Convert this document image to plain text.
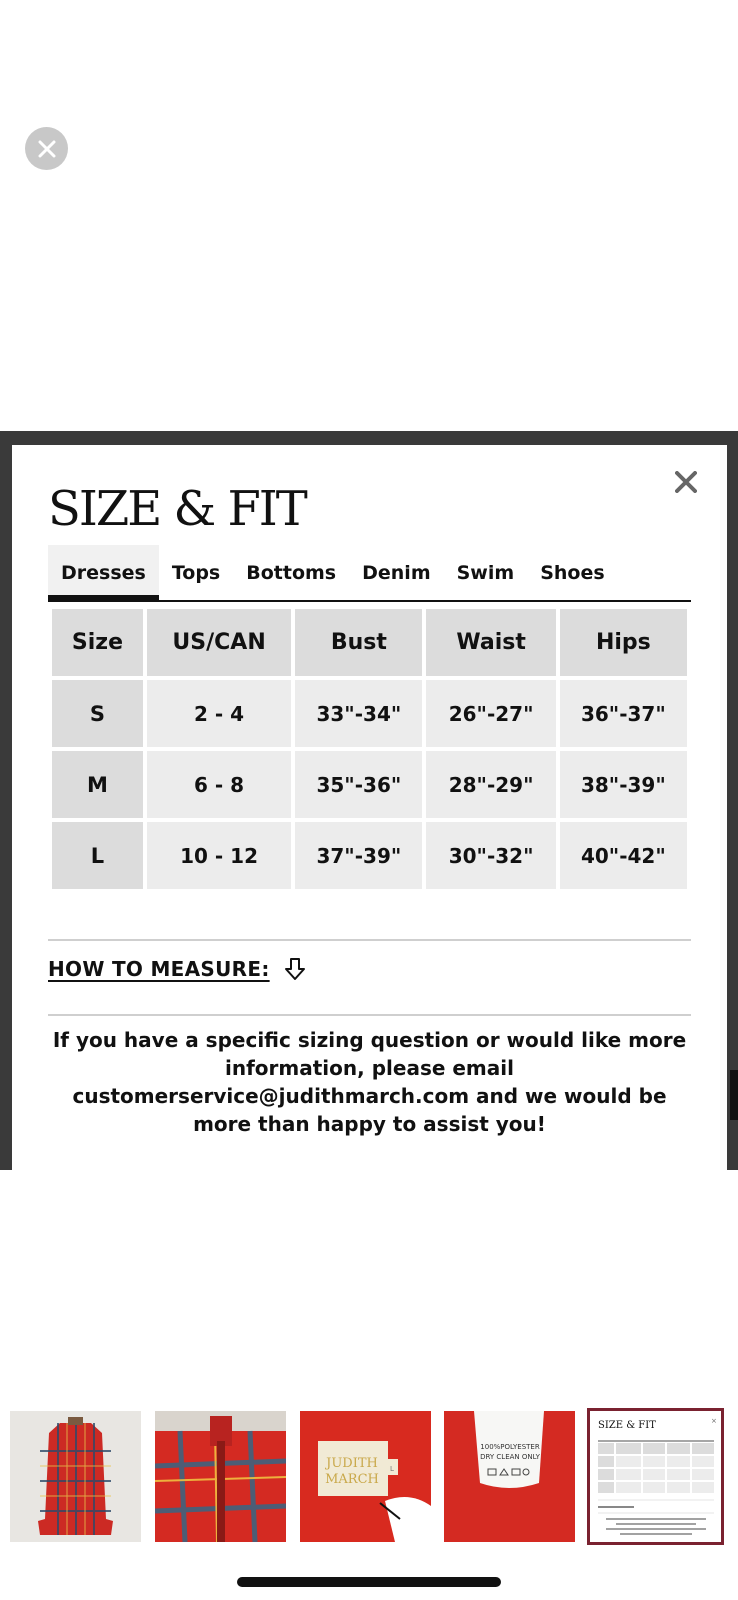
SIZE & FIT
Dresses	Tops	Bottoms	Denim	Swim	Shoes
Size	US/CAN	Bust	Waist	Hips
S	2 - 4	33"-34"	26"-27"	36"-37"
M	6 - 8	35"-36"	28"-29"	38"-39"
L	10 - 12	37"-39"	30"-32"	40"-42"
HOW TO MEASURE:
If you have a specific sizing question or would like more information, please email customerservice@judithmarch.com and we would be more than happy to assist you!
JUDITH
MARCH
L
100%POLYESTER
DRY CLEAN ONLY
SIZE & FIT	×
